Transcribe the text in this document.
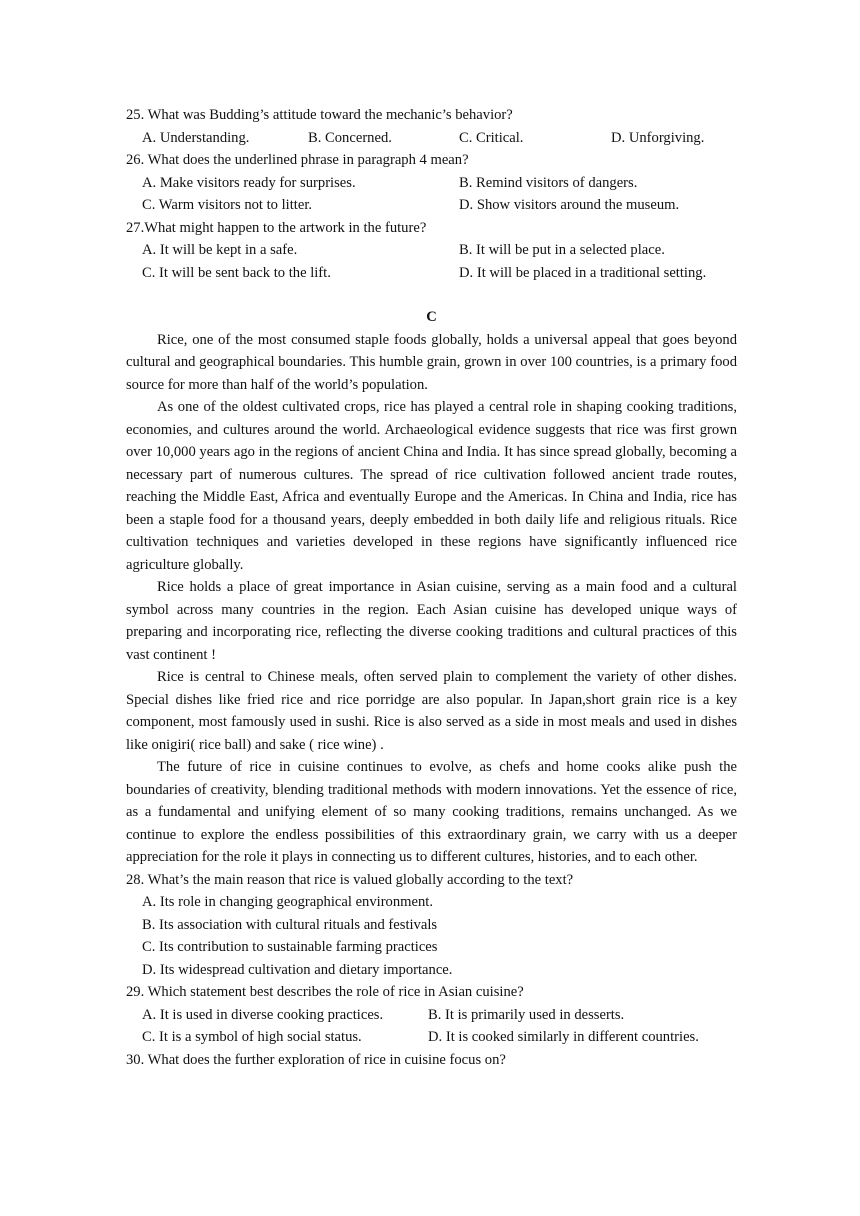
25. What was Budding’s attitude toward the mechanic’s behavior?
A. Understanding.	B. Concerned.	C. Critical.	D. Unforgiving.
26. What does the underlined phrase in paragraph 4 mean?
A. Make visitors ready for surprises.	B. Remind visitors of dangers.
C. Warm visitors not to litter.	D. Show visitors around the museum.
27.What might happen to the artwork in the future?
A. It will be kept in a safe.	B. It will be put in a selected place.
C. It will be sent back to the lift.	D. It will be placed in a traditional setting.
C

Rice, one of the most consumed staple foods globally, holds a universal appeal that goes beyond cultural and geographical boundaries. This humble grain, grown in over 100 countries, is a primary food source for more than half of the world’s population.

As one of the oldest cultivated crops, rice has played a central role in shaping cooking traditions, economies, and cultures around the world. Archaeological evidence suggests that rice was first grown over 10,000 years ago in the regions of ancient China and India. It has since spread globally, becoming a necessary part of numerous cultures. The spread of rice cultivation followed ancient trade routes, reaching the Middle East, Africa and eventually Europe and the Americas. In China and India, rice has been a staple food for a thousand years, deeply embedded in both daily life and religious rituals. Rice cultivation techniques and varieties developed in these regions have significantly influenced rice agriculture globally.

Rice holds a place of great importance in Asian cuisine, serving as a main food and a cultural symbol across many countries in the region. Each Asian cuisine has developed unique ways of preparing and incorporating rice, reflecting the diverse cooking traditions and cultural practices of this vast continent !

Rice is central to Chinese meals, often served plain to complement the variety of other dishes. Special dishes like fried rice and rice porridge are also popular. In Japan,short grain rice is a key component, most famously used in sushi. Rice is also served as a side in most meals and used in dishes like onigiri( rice ball) and sake ( rice wine) .

The future of rice in cuisine continues to evolve, as chefs and home cooks alike push the boundaries of creativity, blending traditional methods with modern innovations. Yet the essence of rice, as a fundamental and unifying element of so many cooking traditions, remains unchanged. As we continue to explore the endless possibilities of this extraordinary grain, we carry with us a deeper appreciation for the role it plays in connecting us to different cultures, histories, and to each other.

28. What’s the main reason that rice is valued globally according to the text?
A. Its role in changing geographical environment.
B. Its association with cultural rituals and festivals
C. Its contribution to sustainable farming practices
D. Its widespread cultivation and dietary importance.
29. Which statement best describes the role of rice in Asian cuisine?
A. It is used in diverse cooking practices.	B. It is primarily used in desserts.
C. It is a symbol of high social status.	D. It is cooked similarly in different countries.
30. What does the further exploration of rice in cuisine focus on?
